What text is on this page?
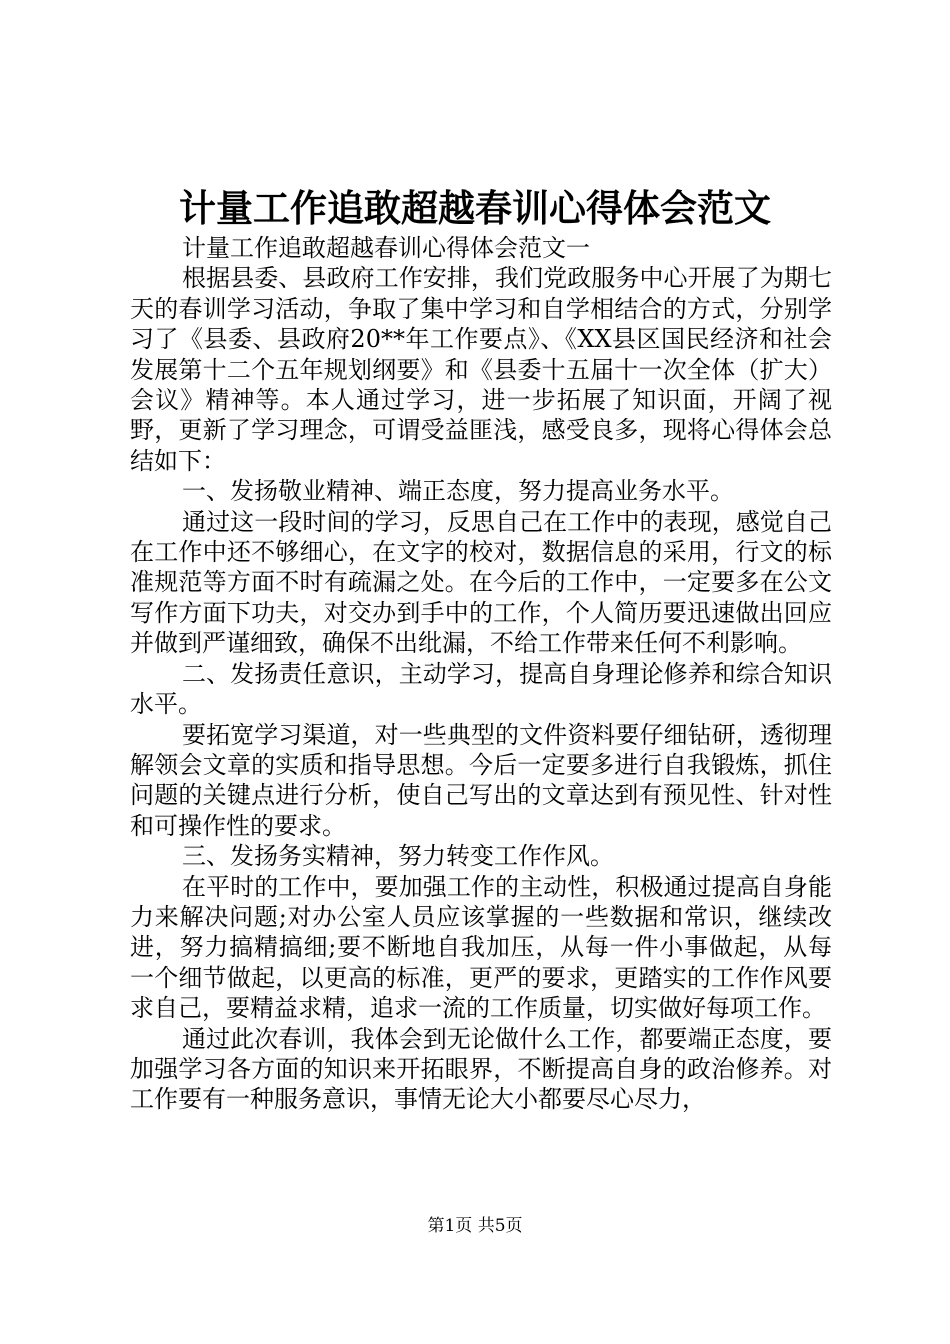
计量工作追敢超越春训心得体会范文

计量工作追敢超越春训心得体会范文一

根据县委、县政府工作安排，我们党政服务中心开展了为期七天的春训学习活动，争取了集中学习和自学相结合的方式，分别学习了《县委、县政府20**年工作要点》、《XX县区国民经济和社会发展第十二个五年规划纲要》和《县委十五届十一次全体（扩大）会议》精神等。本人通过学习，进一步拓展了知识面，开阔了视野，更新了学习理念，可谓受益匪浅，感受良多，现将心得体会总结如下：

一、发扬敬业精神、端正态度，努力提高业务水平。

通过这一段时间的学习，反思自己在工作中的表现，感觉自己在工作中还不够细心，在文字的校对，数据信息的采用，行文的标准规范等方面不时有疏漏之处。在今后的工作中，一定要多在公文写作方面下功夫，对交办到手中的工作，个人简历要迅速做出回应并做到严谨细致，确保不出纰漏，不给工作带来任何不利影响。

二、发扬责任意识，主动学习，提高自身理论修养和综合知识水平。

要拓宽学习渠道，对一些典型的文件资料要仔细钻研，透彻理解领会文章的实质和指导思想。今后一定要多进行自我锻炼，抓住问题的关键点进行分析，使自己写出的文章达到有预见性、针对性和可操作性的要求。

三、发扬务实精神，努力转变工作作风。

在平时的工作中，要加强工作的主动性，积极通过提高自身能力来解决问题;对办公室人员应该掌握的一些数据和常识，继续改进，努力搞精搞细;要不断地自我加压，从每一件小事做起，从每一个细节做起，以更高的标准，更严的要求，更踏实的工作作风要求自己，要精益求精，追求一流的工作质量，切实做好每项工作。

通过此次春训，我体会到无论做什么工作，都要端正态度，要加强学习各方面的知识来开拓眼界，不断提高自身的政治修养。对工作要有一种服务意识，事情无论大小都要尽心尽力，

第1页 共5页
